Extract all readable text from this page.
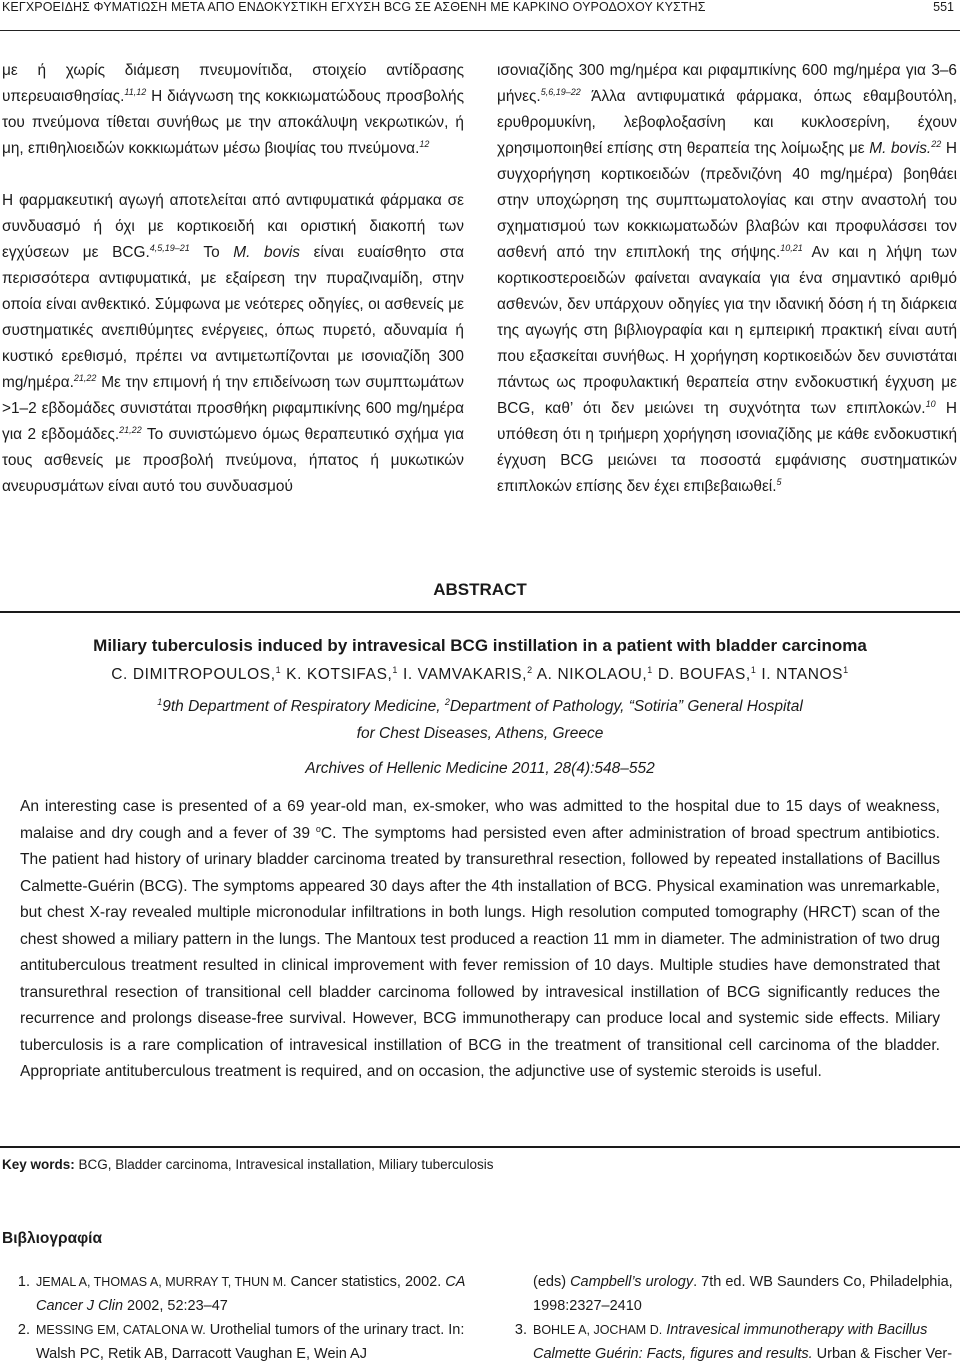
ΚΕΓΧΡΟΕΙΔΗΣ ΦΥΜΑΤΙΩΣΗ ΜΕΤΑ ΑΠΟ ΕΝΔΟΚΥΣΤΙΚΗ ΕΓΧΥΣΗ BCG ΣΕ ΑΣΘΕΝΗ ΜΕ ΚΑΡΚΙΝΟ ΟΥΡΟΔΟΧΟΥ ΚΥΣΤΗΣ	551

με ή χωρίς διάμεση πνευμονίτιδα, στοιχείο αντίδρασης υπερευαισθησίας.$^{11,12}$ Η διάγνωση της κοκκιωματώδους προσβολής του πνεύμονα τίθεται συνήθως με την αποκάλυψη νεκρωτικών, ή μη, επιθηλιοειδών κοκκιωμάτων μέσω βιοψίας του πνεύμονα.$^{12}$

Η φαρμακευτική αγωγή αποτελείται από αντιφυματικά φάρμακα σε συνδυασμό ή όχι με κορτικοειδή και οριστική διακοπή των εγχύσεων με BCG.$^{4,5,19-21}$ Το M. bovis είναι ευαίσθητο στα περισσότερα αντιφυματικά, με εξαίρεση την πυραζιναμίδη, στην οποία είναι ανθεκτικό. Σύμφωνα με νεότερες οδηγίες, οι ασθενείς με συστηματικές ανεπιθύμητες ενέργειες, όπως πυρετό, αδυναμία ή κυστικό ερεθισμό, πρέπει να αντιμετωπίζονται με ισονιαζίδη 300 mg/ημέρα.$^{21,22}$ Με την επιμονή ή την επιδείνωση των συμπτωμάτων >1–2 εβδομάδες συνιστάται προσθήκη ριφαμπικίνης 600 mg/ημέρα για 2 εβδομάδες.$^{21,22}$ Το συνιστώμενο όμως θεραπευτικό σχήμα για τους ασθενείς με προσβολή πνεύμονα, ήπατος ή μυκωτικών ανευρυσμάτων είναι αυτό του συνδυασμού

ισονιαζίδης 300 mg/ημέρα και ριφαμπικίνης 600 mg/ημέρα για 3–6 μήνες.$^{5,6,19-22}$ Άλλα αντιφυματικά φάρμακα, όπως εθαμβουτόλη, ερυθρομυκίνη, λεβοφλοξασίνη και κυκλοσερίνη, έχουν χρησιμοποιηθεί επίσης στη θεραπεία της λοίμωξης με M. bovis.$^{22}$ Η συγχορήγηση κορτικοειδών (πρεδνιζόνη 40 mg/ημέρα) βοηθάει στην υποχώρηση της συμπτωματολογίας και στην αναστολή του σχηματισμού των κοκκιωματωδών βλαβών και προφυλάσσει τον ασθενή από την επιπλοκή της σήψης.$^{10,21}$ Αν και η λήψη των κορτικοστεροειδών φαίνεται αναγκαία για ένα σημαντικό αριθμό ασθενών, δεν υπάρχουν οδηγίες για την ιδανική δόση ή τη διάρκεια της αγωγής στη βιβλιογραφία και η εμπειρική πρακτική είναι αυτή που εξασκείται συνήθως. Η χορήγηση κορτικοειδών δεν συνιστάται πάντως ως προφυλακτική θεραπεία στην ενδοκυστική έγχυση με BCG, καθ’ ότι δεν μειώνει τη συχνότητα των επιπλοκών.$^{10}$ Η υπόθεση ότι η τριήμερη χορήγηση ισονιαζίδης με κάθε ενδοκυστική έγχυση BCG μειώνει τα ποσοστά εμφάνισης συστηματικών επιπλοκών επίσης δεν έχει επιβεβαιωθεί.$^5$

ABSTRACT
Miliary tuberculosis induced by intravesical BCG instillation in a patient with bladder carcinoma
C. DIMITROPOULOS,$^1$ K. KOTSIFAS,$^1$ I. VAMVAKARIS,$^2$ A. NIKOLAOU,$^1$ D. BOUFAS,$^1$ I. NTANOS$^1$
$^1$9th Department of Respiratory Medicine, $^2$Department of Pathology, “Sotiria” General Hospital
for Chest Diseases, Athens, Greece
Archives of Hellenic Medicine 2011, 28(4):548–552
An interesting case is presented of a 69 year-old man, ex-smoker, who was admitted to the hospital due to 15 days of weakness, malaise and dry cough and a fever of 39 $^o$C. The symptoms had persisted even after administration of broad spectrum antibiotics. The patient had history of urinary bladder carcinoma treated by transurethral resection, followed by repeated installations of Bacillus Calmette-Guérin (BCG). The symptoms appeared 30 days after the 4th installation of BCG. Physical examination was unremarkable, but chest X-ray revealed multiple micronodular infiltrations in both lungs. High resolution computed tomography (HRCT) scan of the chest showed a miliary pattern in the lungs. The Mantoux test produced a reaction 11 mm in diameter. The administration of two drug antituberculous treatment resulted in clinical improvement with fever remission of 10 days. Multiple studies have demonstrated that transurethral resection of transitional cell bladder carcinoma followed by intravesical instillation of BCG significantly reduces the recurrence and prolongs disease-free survival. However, BCG immunotherapy can produce local and systemic side effects. Miliary tuberculosis is a rare complication of intravesical instillation of BCG in the treatment of transitional cell carcinoma of the bladder. Appropriate antituberculous treatment is required, and on occasion, the adjunctive use of systemic steroids is useful.
Key words: BCG, Bladder carcinoma, Intravesical installation, Miliary tuberculosis
Βιβλιογραφία
1. JEMAL A, THOMAS A, MURRAY T, THUN M. Cancer statistics, 2002. CA Cancer J Clin 2002, 52:23–47
2. MESSING EM, CATALONA W. Urothelial tumors of the urinary tract. In: Walsh PC, Retik AB, Darracott Vaughan E, Wein AJ
(eds) Campbell’s urology. 7th ed. WB Saunders Co, Philadelphia, 1998:2327–2410
3. BOHLE A, JOCHAM D. Intravesical immunotherapy with Bacillus Calmette Guérin: Facts, figures and results. Urban & Fischer Ver-
